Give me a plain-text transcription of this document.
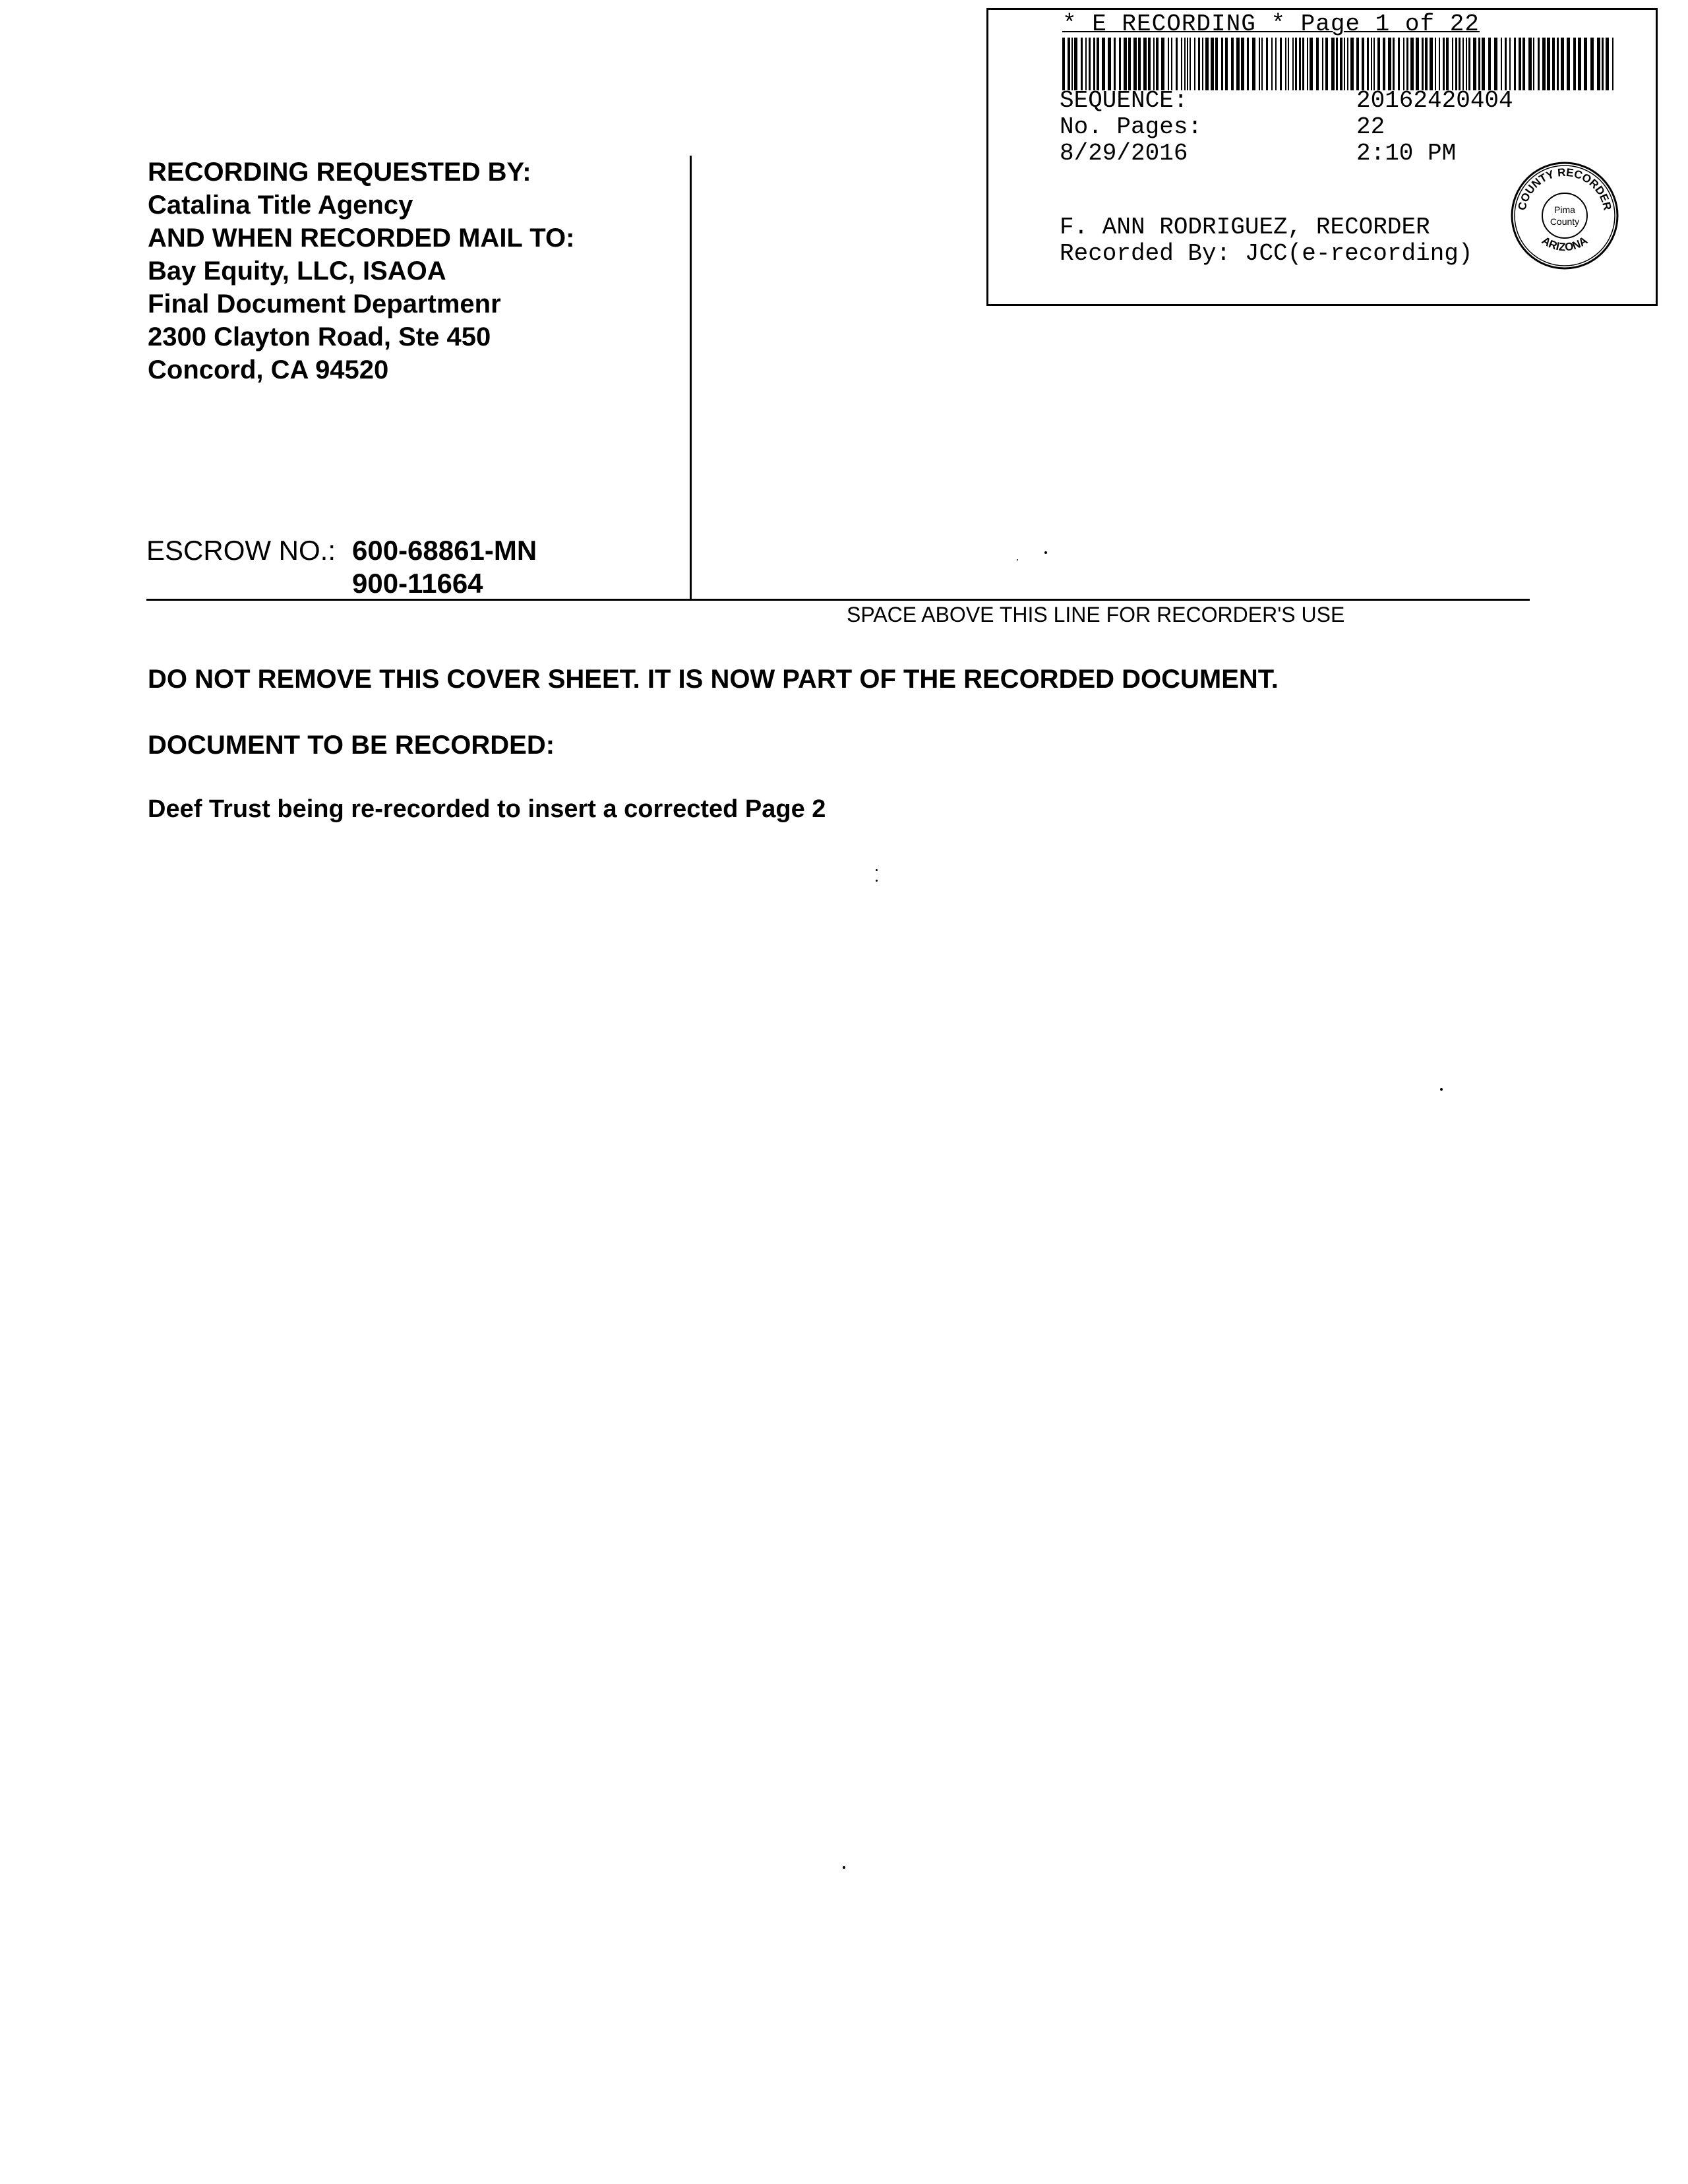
* E RECORDING * Page 1 of 22

SEQUENCE:

	20162420404

No. Pages:

	22

8/29/2016

	2:10 PM

F. ANN RODRIGUEZ, RECORDER
Recorded By: JCC(e-recording)
COUNTY RECORDER
ARIZONA
Pima
County
RECORDING REQUESTED BY:
Catalina Title Agency
AND WHEN RECORDED MAIL TO:
Bay Equity, LLC, ISAOA
Final Document Departmenr
2300 Clayton Road, Ste 450
Concord, CA 94520
ESCROW NO.: 600-68861-MN
900-11664
SPACE ABOVE THIS LINE FOR RECORDER'S USE
DO NOT REMOVE THIS COVER SHEET. IT IS NOW PART OF THE RECORDED DOCUMENT.
DOCUMENT TO BE RECORDED:
Deef Trust being re-recorded to insert a corrected Page 2
